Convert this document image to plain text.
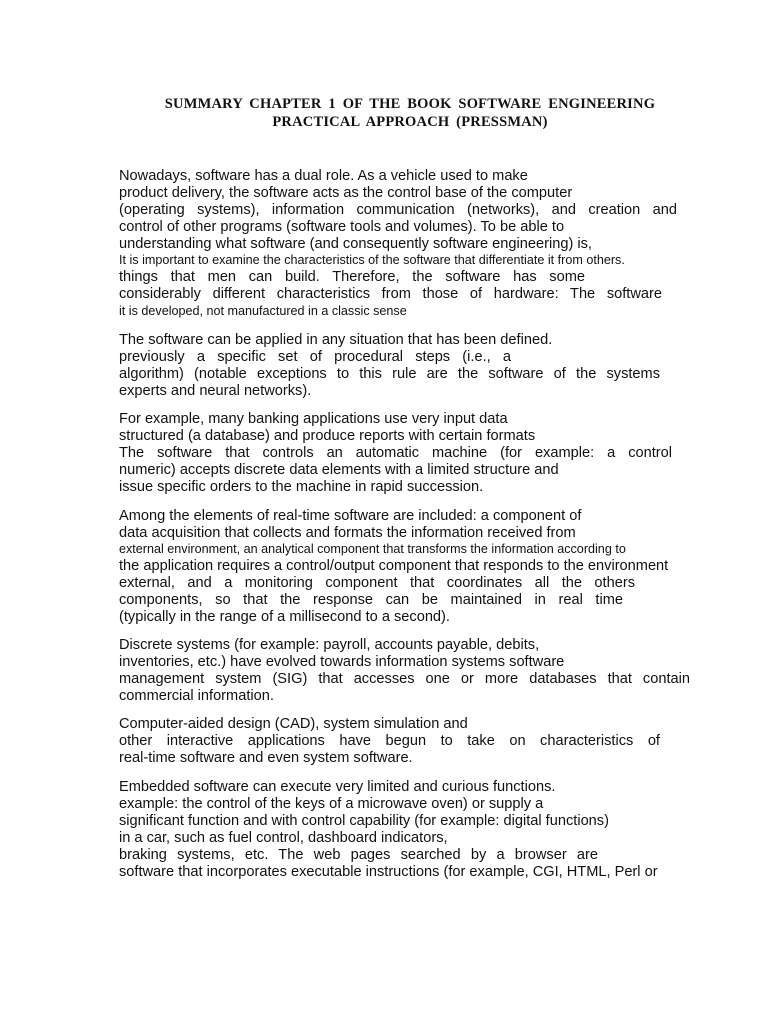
SUMMARY CHAPTER 1 OF THE BOOK SOFTWARE ENGINEERING
PRACTICAL APPROACH (PRESSMAN)
Nowadays, software has a dual role. As a vehicle used to make
product delivery, the software acts as the control base of the computer
(operating systems), information communication (networks), and creation and
control of other programs (software tools and volumes). To be able to
understanding what software (and consequently software engineering) is,
It is important to examine the characteristics of the software that differentiate it from others.
things that men can build. Therefore, the software has some
considerably different characteristics from those of hardware: The software
it is developed, not manufactured in a classic sense
The software can be applied in any situation that has been defined.
previously a specific set of procedural steps (i.e., a
algorithm) (notable exceptions to this rule are the software of the systems
experts and neural networks).
For example, many banking applications use very input data
structured (a database) and produce reports with certain formats
The software that controls an automatic machine (for example: a control
numeric) accepts discrete data elements with a limited structure and
issue specific orders to the machine in rapid succession.
Among the elements of real-time software are included: a component of
data acquisition that collects and formats the information received from
external environment, an analytical component that transforms the information according to
the application requires a control/output component that responds to the environment
external, and a monitoring component that coordinates all the others
components, so that the response can be maintained in real time
(typically in the range of a millisecond to a second).
Discrete systems (for example: payroll, accounts payable, debits,
inventories, etc.) have evolved towards information systems software
management system (SIG) that accesses one or more databases that contain
commercial information.
Computer-aided design (CAD), system simulation and
other interactive applications have begun to take on characteristics of
real-time software and even system software.
Embedded software can execute very limited and curious functions.
example: the control of the keys of a microwave oven) or supply a
significant function and with control capability (for example: digital functions)
in a car, such as fuel control, dashboard indicators,
braking systems, etc. The web pages searched by a browser are
software that incorporates executable instructions (for example, CGI, HTML, Perl or
